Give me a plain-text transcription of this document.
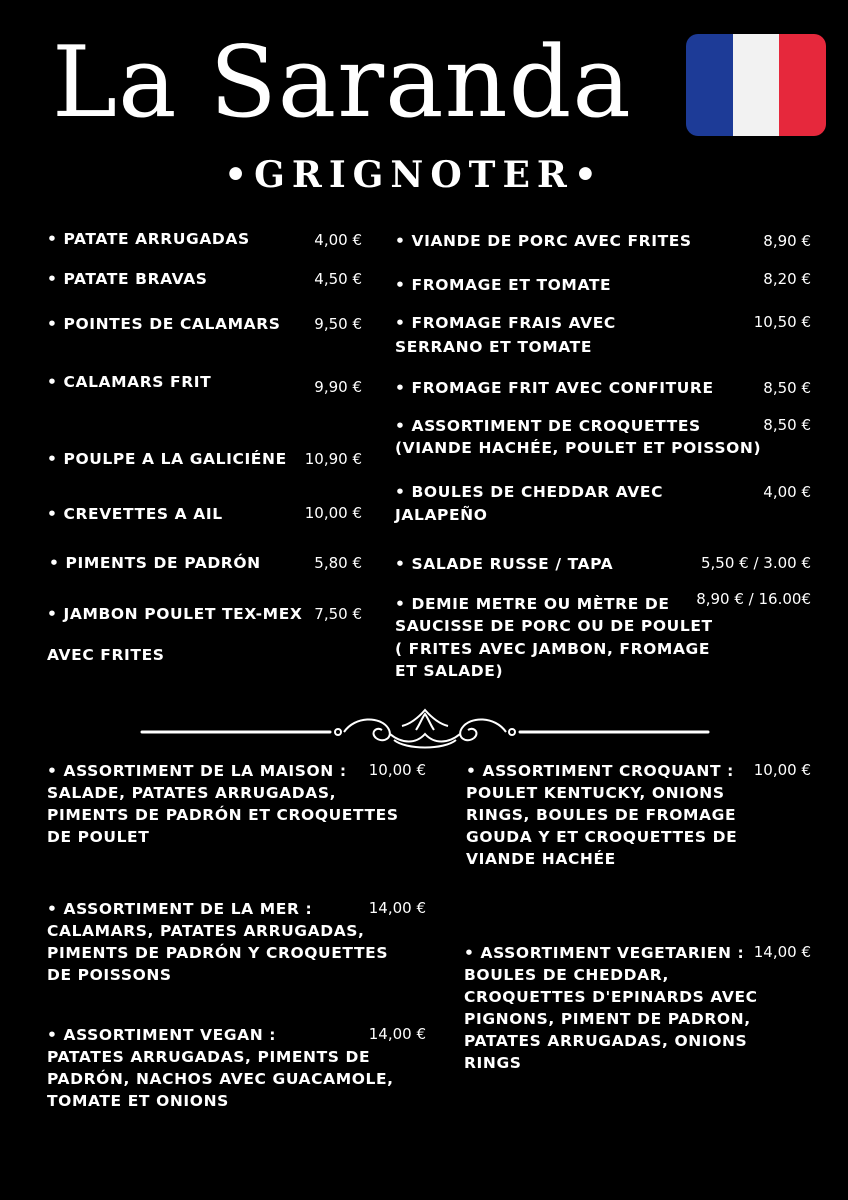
La Saranda
•GRIGNOTER•
• PATATE ARRUGADAS	4,00 €
• PATATE BRAVAS	4,50 €
• POINTES DE CALAMARS 9,50 €
• CALAMARS FRIT	9,90 €
• POULPE A LA GALICIÉNE 10,90 €
• CREVETTES A AIL	10,00 €
• PIMENTS DE PADRÓN	5,80 €
• JAMBON POULET TEX-MEX
AVEC FRITES
7,50 €
• VIANDE DE PORC AVEC FRITES	8,90 €
• FROMAGE ET TOMATE	8,20 €
• FROMAGE FRAIS AVEC
SERRANO ET TOMATE
10,50 €
• FROMAGE FRIT AVEC CONFITURE	8,50 €
• ASSORTIMENT DE CROQUETTES
(VIANDE HACHÉE, POULET ET POISSON)
8,50 €
• BOULES DE CHEDDAR AVEC
JALAPEÑO
4,00 €
• SALADE RUSSE / TAPA	5,50 € / 3.00 €
• DEMIE METRE OU MÈTRE DE
SAUCISSE DE PORC OU DE POULET
( FRITES AVEC JAMBON, FROMAGE
ET SALADE)
8,90 € / 16.00€
• ASSORTIMENT DE LA MAISON : 10,00 €
SALADE, PATATES ARRUGADAS,
PIMENTS DE PADRÓN ET CROQUETTES
DE POULET
• ASSORTIMENT DE LA MER :	14,00 €
CALAMARS, PATATES ARRUGADAS,
PIMENTS DE PADRÓN Y CROQUETTES
DE POISSONS
• ASSORTIMENT VEGAN :	14,00 €
PATATES ARRUGADAS, PIMENTS DE
PADRÓN, NACHOS AVEC GUACAMOLE,
TOMATE ET ONIONS
• ASSORTIMENT CROQUANT : 10,00 €
POULET KENTUCKY, ONIONS
RINGS, BOULES DE FROMAGE
GOUDA Y ET CROQUETTES DE
VIANDE HACHÉE
• ASSORTIMENT VEGETARIEN : 14,00 €
BOULES DE CHEDDAR,
CROQUETTES D'EPINARDS AVEC
PIGNONS, PIMENT DE PADRON,
PATATES ARRUGADAS, ONIONS
RINGS
